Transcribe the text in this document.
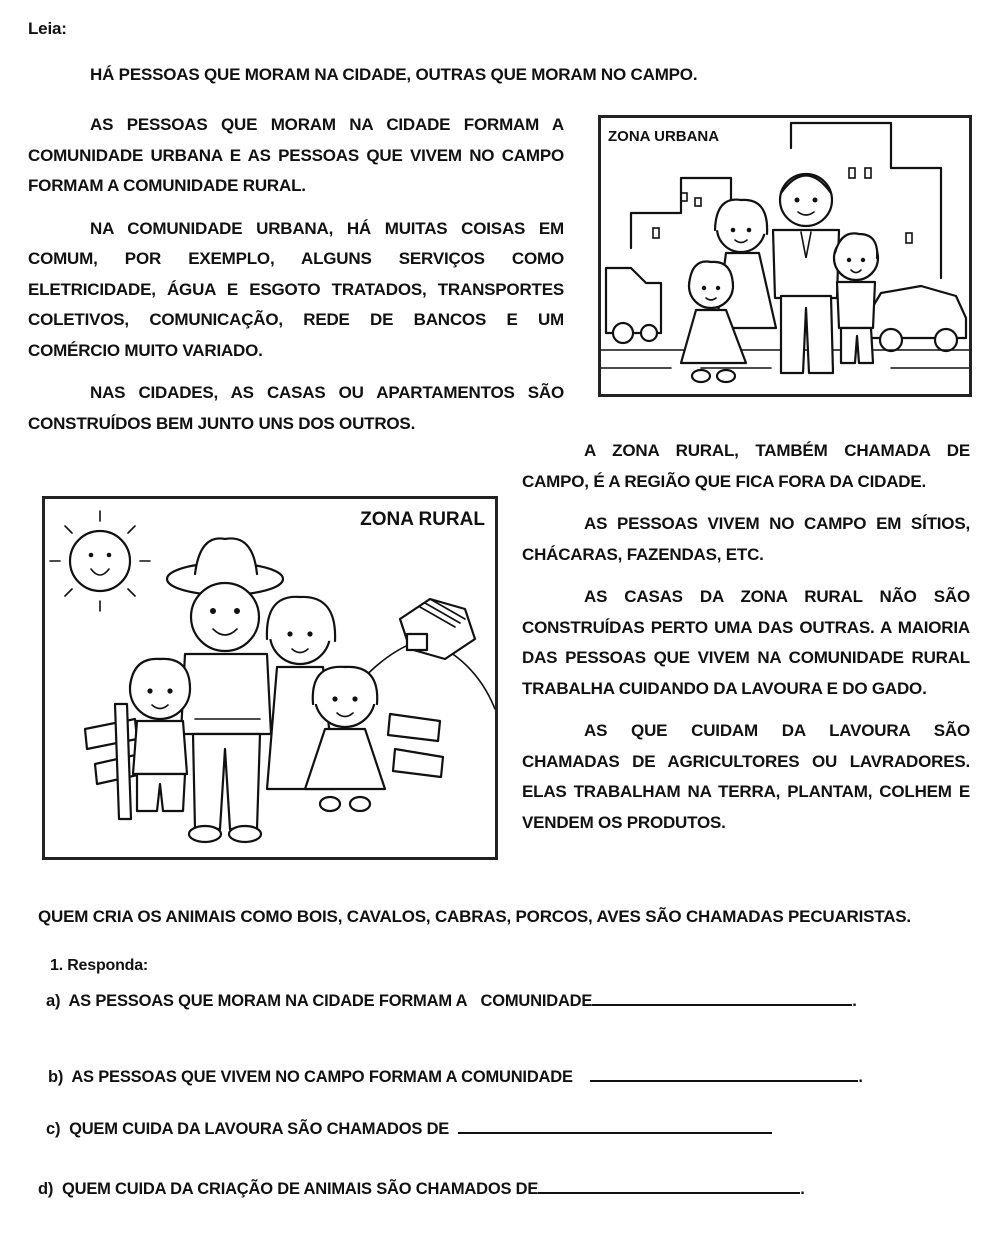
Leia:
HÁ PESSOAS QUE MORAM NA CIDADE, OUTRAS QUE MORAM NO CAMPO.

AS PESSOAS QUE MORAM NA CIDADE FORMAM A COMUNIDADE URBANA E AS PESSOAS QUE VIVEM NO CAMPO FORMAM A COMUNIDADE RURAL.

NA COMUNIDADE URBANA, HÁ MUITAS COISAS EM COMUM, POR EXEMPLO, ALGUNS SERVIÇOS COMO ELETRICIDADE, ÁGUA E ESGOTO TRATADOS, TRANSPORTES COLETIVOS, COMUNICAÇÃO, REDE DE BANCOS E UM COMÉRCIO MUITO VARIADO.

NAS CIDADES, AS CASAS OU APARTAMENTOS SÃO CONSTRUÍDOS BEM JUNTO UNS DOS OUTROS.

ZONA URBANA

A ZONA RURAL, TAMBÉM CHAMADA DE CAMPO, É A REGIÃO QUE FICA FORA DA CIDADE.

AS PESSOAS VIVEM NO CAMPO EM SÍTIOS, CHÁCARAS, FAZENDAS, ETC.

AS CASAS DA ZONA RURAL NÃO SÃO CONSTRUÍDAS PERTO UMA DAS OUTRAS. A MAIORIA DAS PESSOAS QUE VIVEM NA COMUNIDADE RURAL TRABALHA CUIDANDO DA LAVOURA E DO GADO.

AS QUE CUIDAM DA LAVOURA SÃO CHAMADAS DE AGRICULTORES OU LAVRADORES. ELAS TRABALHAM NA TERRA, PLANTAM, COLHEM E VENDEM OS PRODUTOS.

ZONA RURAL
QUEM CRIA OS ANIMAIS COMO BOIS, CAVALOS, CABRAS, PORCOS, AVES SÃO CHAMADAS PECUARISTAS.
1. Responda:
a) AS PESSOAS QUE MORAM NA CIDADE FORMAM A COMUNIDADE	.
b) AS PESSOAS QUE VIVEM NO CAMPO FORMAM A COMUNIDADE	.
c) QUEM CUIDA DA LAVOURA SÃO CHAMADOS DE
d) QUEM CUIDA DA CRIAÇÃO DE ANIMAIS SÃO CHAMADOS DE	.
